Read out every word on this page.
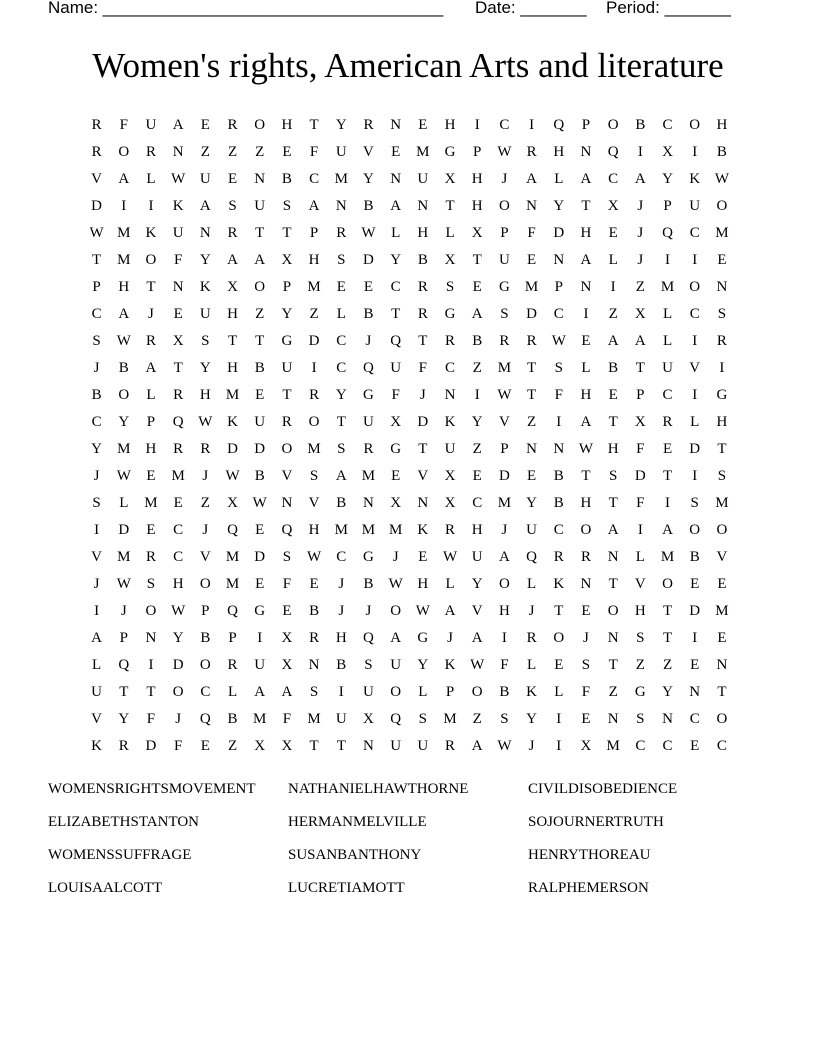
Name: ____________________________________ Date: _______ Period: _______
Women's rights, American Arts and literature
R	F	U	A	E	R	O	H	T	Y	R	N	E	H	I	C	I	Q	P	O	B	C	O	H
R	O	R	N	Z	Z	Z	E	F	U	V	E	M	G	P	W	R	H	N	Q	I	X	I	B
V	A	L	W U	E	N	B	C	M	Y	N	U	X	H	J	A	L	A	C	A	Y	K W
D	I	I	K	A	S	U	S	A	N	B	A	N	T	H	O	N	Y	T	X	J	P	U	O
W M	K	U	N	R	T	T	P	R	W	L	H	L	X	P	F	D	H	E	J	Q	C	M
T	M	O	F	Y	A	A	X	H	S	D	Y	B	X	T	U	E	N	A	L	J	I	I	E
P	H	T	N	K	X	O	P	M	E	E	C	R	S	E	G	M	P	N	I	Z	M	O	N
C	A	J	E	U	H	Z	Y	Z	L	B	T	R	G	A	S	D	C	I	Z	X	L	C	S
S	W	R	X	S	T	T	G	D	C	J	Q	T	R	B	R	R	W	E	A	A	L	I	R
J	B	A	T	Y	H	B	U	I	C	Q	U	F	C	Z	M	T	S	L	B	T	U	V	I
B	O	L	R	H	M	E	T	R	Y	G	F	J	N	I	W	T	F	H	E	P	C	I	G
C	Y	P	Q W K	U	R	O	T	U	X	D	K	Y	V	Z	I	A	T	X	R	L	H
Y	M	H	R	R	D	D	O	M	S	R	G	T	U	Z	P	N	N W H	F	E	D	T
J	W	E	M	J	W	B	V	S	A	M	E	V	X	E	D	E	B	T	S	D	T	I	S
S	L	M	E	Z	X W N	V	B	N	X	N	X	C	M	Y	B	H	T	F	I	S	M
I	D	E	C	J	Q	E	Q	H	M M M	K	R	H	J	U	C	O	A	I	A	O	O
V	M	R	C	V	M	D	S	W	C	G	J	E	W U	A	Q	R	R	N	L	M	B	V
J	W	S	H	O	M	E	F	E	J	B	W H	L	Y	O	L	K	N	T	V	O	E	E
I	J	O W	P	Q	G	E	B	J	J	O W A	V	H	J	T	E	O	H	T	D	M
A	P	N	Y	B	P	I	X	R	H	Q	A	G	J	A	I	R	O	J	N	S	T	I	E
L	Q	I	D	O	R	U	X	N	B	S	U	Y	K W	F	L	E	S	T	Z	Z	E	N
U	T	T	O	C	L	A	A	S	I	U	O	L	P	O	B	K	L	F	Z	G	Y	N	T
V	Y	F	J	Q	B	M	F	M	U	X	Q	S	M	Z	S	Y	I	E	N	S	N	C	O
K	R	D	F	E	Z	X	X	T	T	N	U	U	R	A W	J	I	X	M	C	C	E	C
WOMENSRIGHTSMOVEMENT NATHANIELHAWTHORNE	CIVILDISOBEDIENCE
ELIZABETHSTANTON	HERMANMELVILLE	SOJOURNERTRUTH
WOMENSSUFFRAGE	SUSANBANTHONY	HENRYTHOREAU
LOUISAALCOTT	LUCRETIAMOTT	RALPHEMERSON
